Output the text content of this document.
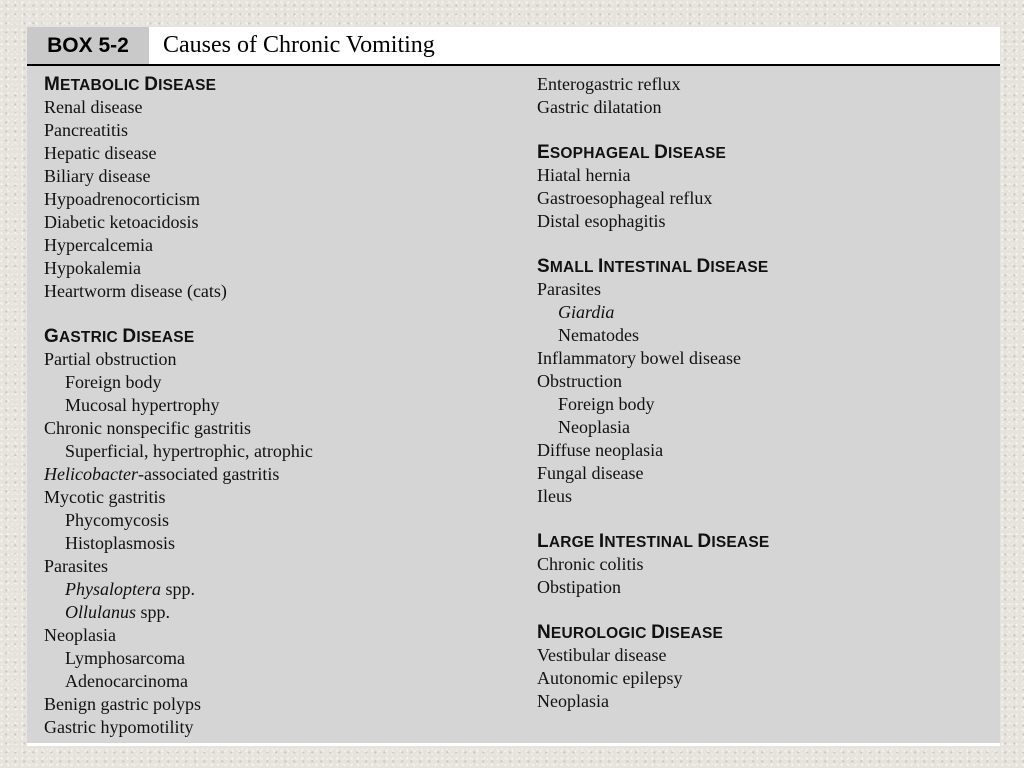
BOX 5-2	Causes of Chronic Vomiting
METABOLIC DISEASE
Renal disease
Pancreatitis
Hepatic disease
Biliary disease
Hypoadrenocorticism
Diabetic ketoacidosis
Hypercalcemia
Hypokalemia
Heartworm disease (cats)
GASTRIC DISEASE
Partial obstruction
Foreign body
Mucosal hypertrophy
Chronic nonspecific gastritis
Superficial, hypertrophic, atrophic
Helicobacter-associated gastritis
Mycotic gastritis
Phycomycosis
Histoplasmosis
Parasites
Physaloptera spp.
Ollulanus spp.
Neoplasia
Lymphosarcoma
Adenocarcinoma
Benign gastric polyps
Gastric hypomotility
Enterogastric reflux
Gastric dilatation
ESOPHAGEAL DISEASE
Hiatal hernia
Gastroesophageal reflux
Distal esophagitis
SMALL INTESTINAL DISEASE
Parasites
Giardia
Nematodes
Inflammatory bowel disease
Obstruction
Foreign body
Neoplasia
Diffuse neoplasia
Fungal disease
Ileus
LARGE INTESTINAL DISEASE
Chronic colitis
Obstipation
NEUROLOGIC DISEASE
Vestibular disease
Autonomic epilepsy
Neoplasia
